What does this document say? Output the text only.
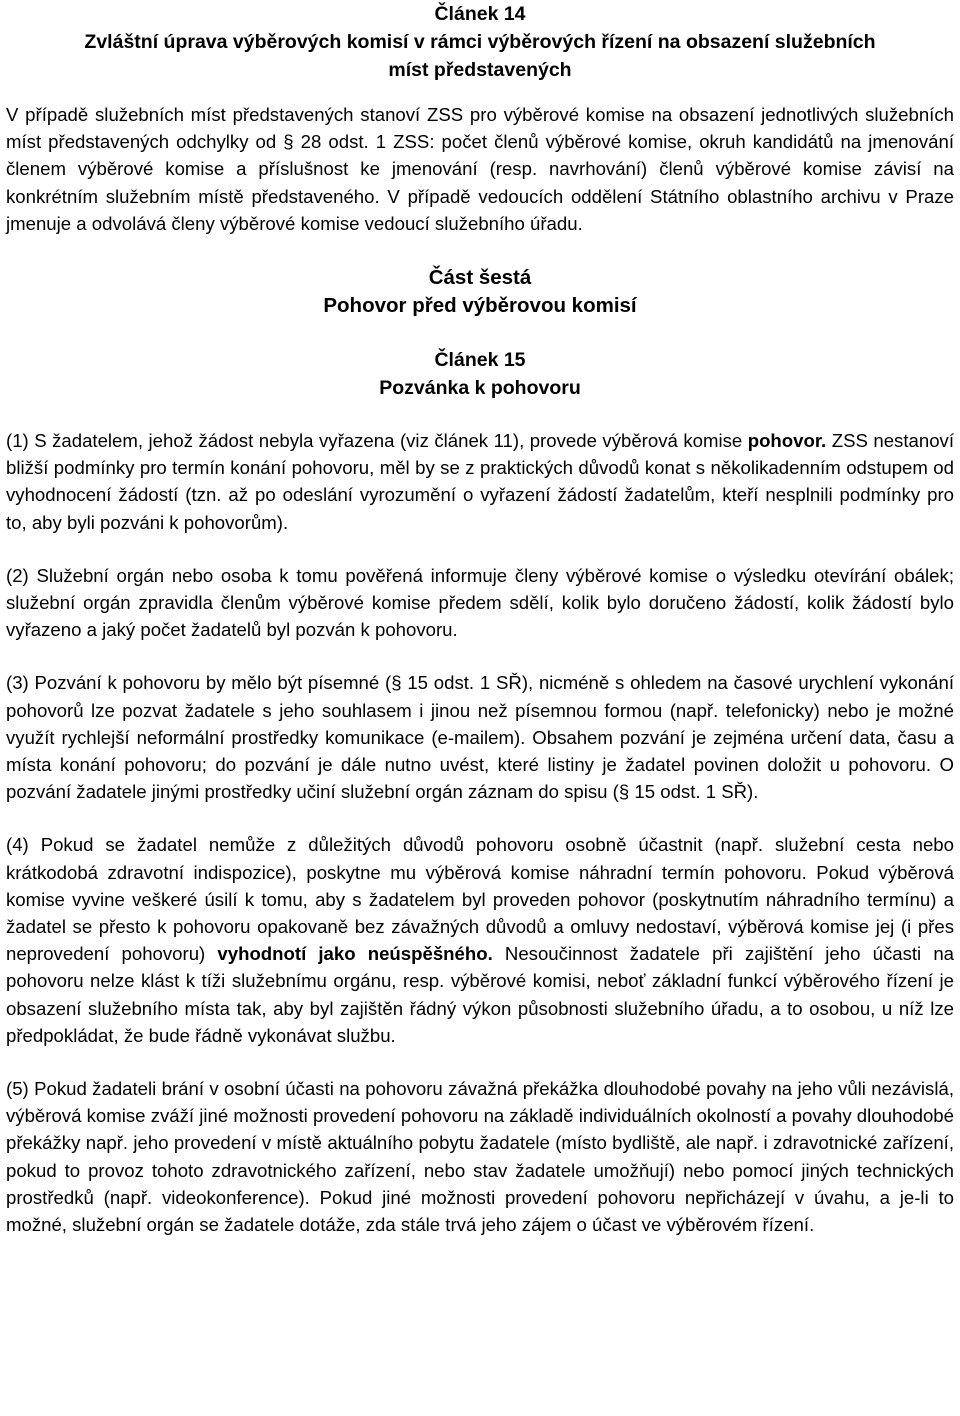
Článek 14

Zvláštní úprava výběrových komisí v rámci výběrových řízení na obsazení služebních

míst představených

V případě služebních míst představených stanoví ZSS pro výběrové komise na obsazení jednotlivých služebních míst představených odchylky od § 28 odst. 1 ZSS: počet členů výběrové komise, okruh kandidátů na jmenování členem výběrové komise a příslušnost ke jmenování (resp. navrhování) členů výběrové komise závisí na konkrétním služebním místě představeného. V případě vedoucích oddělení Státního oblastního archivu v Praze jmenuje a odvolává členy výběrové komise vedoucí služebního úřadu.

Část šestá

Pohovor před výběrovou komisí

Článek 15

Pozvánka k pohovoru

(1) S žadatelem, jehož žádost nebyla vyřazena (viz článek 11), provede výběrová komise pohovor. ZSS nestanoví bližší podmínky pro termín konání pohovoru, měl by se z praktických důvodů konat s několikadenním odstupem od vyhodnocení žádostí (tzn. až po odeslání vyrozumění o vyřazení žádostí žadatelům, kteří nesplnili podmínky pro to, aby byli pozváni k pohovorům).

(2) Služební orgán nebo osoba k tomu pověřená informuje členy výběrové komise o výsledku otevírání obálek; služební orgán zpravidla členům výběrové komise předem sdělí, kolik bylo doručeno žádostí, kolik žádostí bylo vyřazeno a jaký počet žadatelů byl pozván k pohovoru.

(3) Pozvání k pohovoru by mělo být písemné (§ 15 odst. 1 SŘ), nicméně s ohledem na časové urychlení vykonání pohovorů lze pozvat žadatele s jeho souhlasem i jinou než písemnou formou (např. telefonicky) nebo je možné využít rychlejší neformální prostředky komunikace (e-mailem). Obsahem pozvání je zejména určení data, času a místa konání pohovoru; do pozvání je dále nutno uvést, které listiny je žadatel povinen doložit u pohovoru. O pozvání žadatele jinými prostředky učiní služební orgán záznam do spisu (§ 15 odst. 1 SŘ).

(4) Pokud se žadatel nemůže z důležitých důvodů pohovoru osobně účastnit (např. služební cesta nebo krátkodobá zdravotní indispozice), poskytne mu výběrová komise náhradní termín pohovoru. Pokud výběrová komise vyvine veškeré úsilí k tomu, aby s žadatelem byl proveden pohovor (poskytnutím náhradního termínu) a žadatel se přesto k pohovoru opakovaně bez závažných důvodů a omluvy nedostaví, výběrová komise jej (i přes neprovedení pohovoru) vyhodnotí jako neúspěšného. Nesoučinnost žadatele při zajištění jeho účasti na pohovoru nelze klást k tíži služebnímu orgánu, resp. výběrové komisi, neboť základní funkcí výběrového řízení je obsazení služebního místa tak, aby byl zajištěn řádný výkon působnosti služebního úřadu, a to osobou, u níž lze předpokládat, že bude řádně vykonávat službu.

(5) Pokud žadateli brání v osobní účasti na pohovoru závažná překážka dlouhodobé povahy na jeho vůli nezávislá, výběrová komise zváží jiné možnosti provedení pohovoru na základě individuálních okolností a povahy dlouhodobé překážky např. jeho provedení v místě aktuálního pobytu žadatele (místo bydliště, ale např. i zdravotnické zařízení, pokud to provoz tohoto zdravotnického zařízení, nebo stav žadatele umožňují) nebo pomocí jiných technických prostředků (např. videokonference). Pokud jiné možnosti provedení pohovoru nepřicházejí v úvahu, a je-li to možné, služební orgán se žadatele dotáže, zda stále trvá jeho zájem o účast ve výběrovém řízení.
